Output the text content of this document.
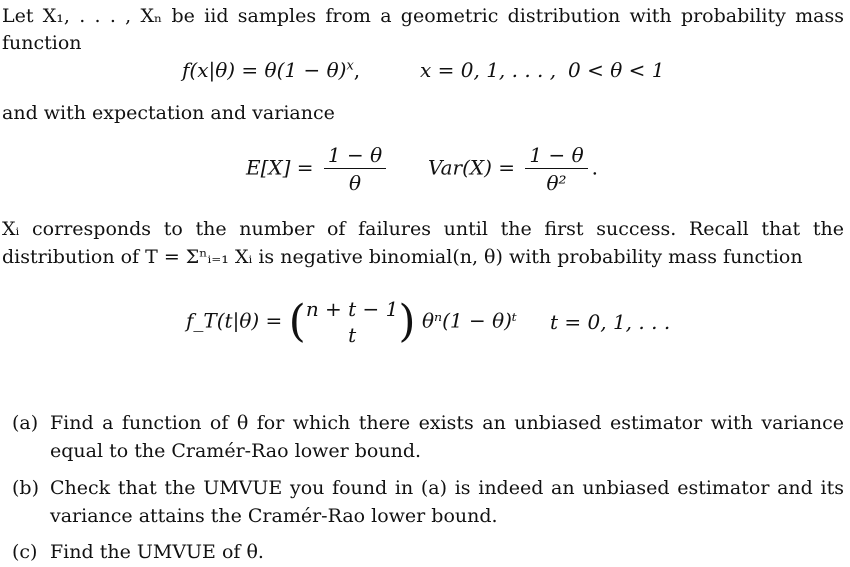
Let X₁, . . . , Xₙ be iid samples from a geometric distribution with probability mass
function
$f(x|\theta) = \theta(1 - \theta)^x$,	x = 0, 1, . . . , 0 < θ < 1
and with expectation and variance
$E[X] = \frac{1 - \theta}{\theta} Var(X) = \frac{1 - \theta}{\text{θ²}}$ .
Xᵢ corresponds to the number of failures until the first success. Recall that the
distribution of T = Σⁿᵢ₌₁ Xᵢ is negative binomial(n, θ) with probability mass function
f_T(t|θ) = ( n + t − 1
t ) θⁿ(1 − θ)ᵗ t = 0, 1, . . .
(a) Find a function of θ for which there exists an unbiased estimator with variance equal to the Cramér-Rao lower bound.
(b) Check that the UMVUE you found in (a) is indeed an unbiased estimator and its variance attains the Cramér-Rao lower bound.
(c) Find the UMVUE of θ.
